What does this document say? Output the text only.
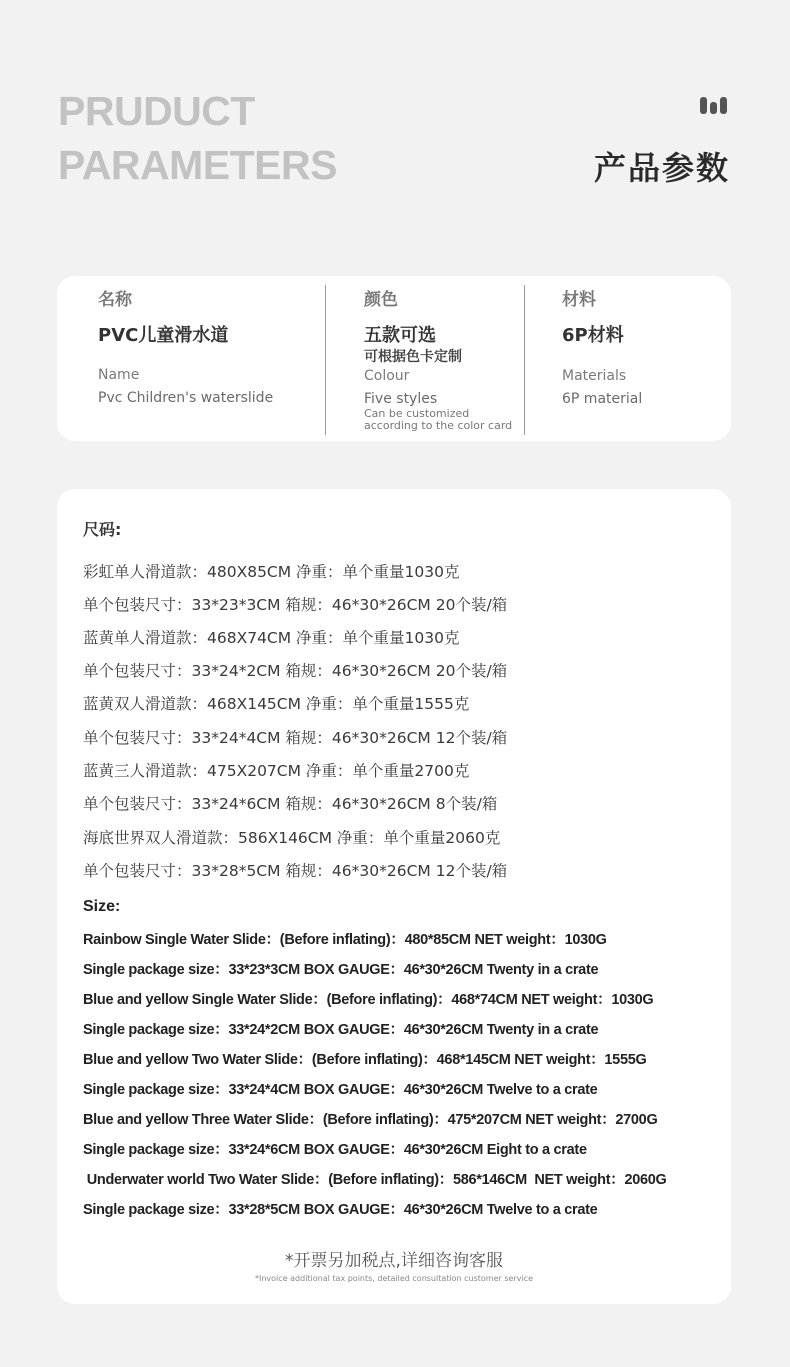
PRUDUCT
PARAMETERS	产品参数
名称
PVC儿童滑水道
Name
Pvc Children's waterslide
颜色
五款可选
可根据色卡定制
Colour
Five styles
Can be customized
according to the color card
材料
6P材料
Materials
6P material
尺码:
彩虹单人滑道款：480X85CM 净重：单个重量1030克
单个包装尺寸：33*23*3CM 箱规：46*30*26CM 20个装/箱
蓝黄单人滑道款：468X74CM 净重：单个重量1030克
单个包装尺寸：33*24*2CM 箱规：46*30*26CM 20个装/箱
蓝黄双人滑道款：468X145CM 净重：单个重量1555克
单个包装尺寸：33*24*4CM 箱规：46*30*26CM 12个装/箱
蓝黄三人滑道款：475X207CM 净重：单个重量2700克
单个包装尺寸：33*24*6CM 箱规：46*30*26CM 8个装/箱
海底世界双人滑道款：586X146CM 净重：单个重量2060克
单个包装尺寸：33*28*5CM 箱规：46*30*26CM 12个装/箱
Size:
Rainbow Single Water Slide：(Before inflating)：480*85CM NET weight：1030G
Single package size：33*23*3CM BOX GAUGE：46*30*26CM Twenty in a crate
Blue and yellow Single Water Slide：(Before inflating)：468*74CM NET weight：1030G
Single package size：33*24*2CM BOX GAUGE：46*30*26CM Twenty in a crate
Blue and yellow Two Water Slide：(Before inflating)：468*145CM NET weight：1555G
Single package size：33*24*4CM BOX GAUGE：46*30*26CM Twelve to a crate
Blue and yellow Three Water Slide：(Before inflating)：475*207CM NET weight：2700G
Single package size：33*24*6CM BOX GAUGE：46*30*26CM Eight to a crate
Underwater world Two Water Slide：(Before inflating)：586*146CM  NET weight：2060G
Single package size：33*28*5CM BOX GAUGE：46*30*26CM Twelve to a crate
*开票另加税点,详细咨询客服
*Invoice additional tax points, detailed consultation customer service
